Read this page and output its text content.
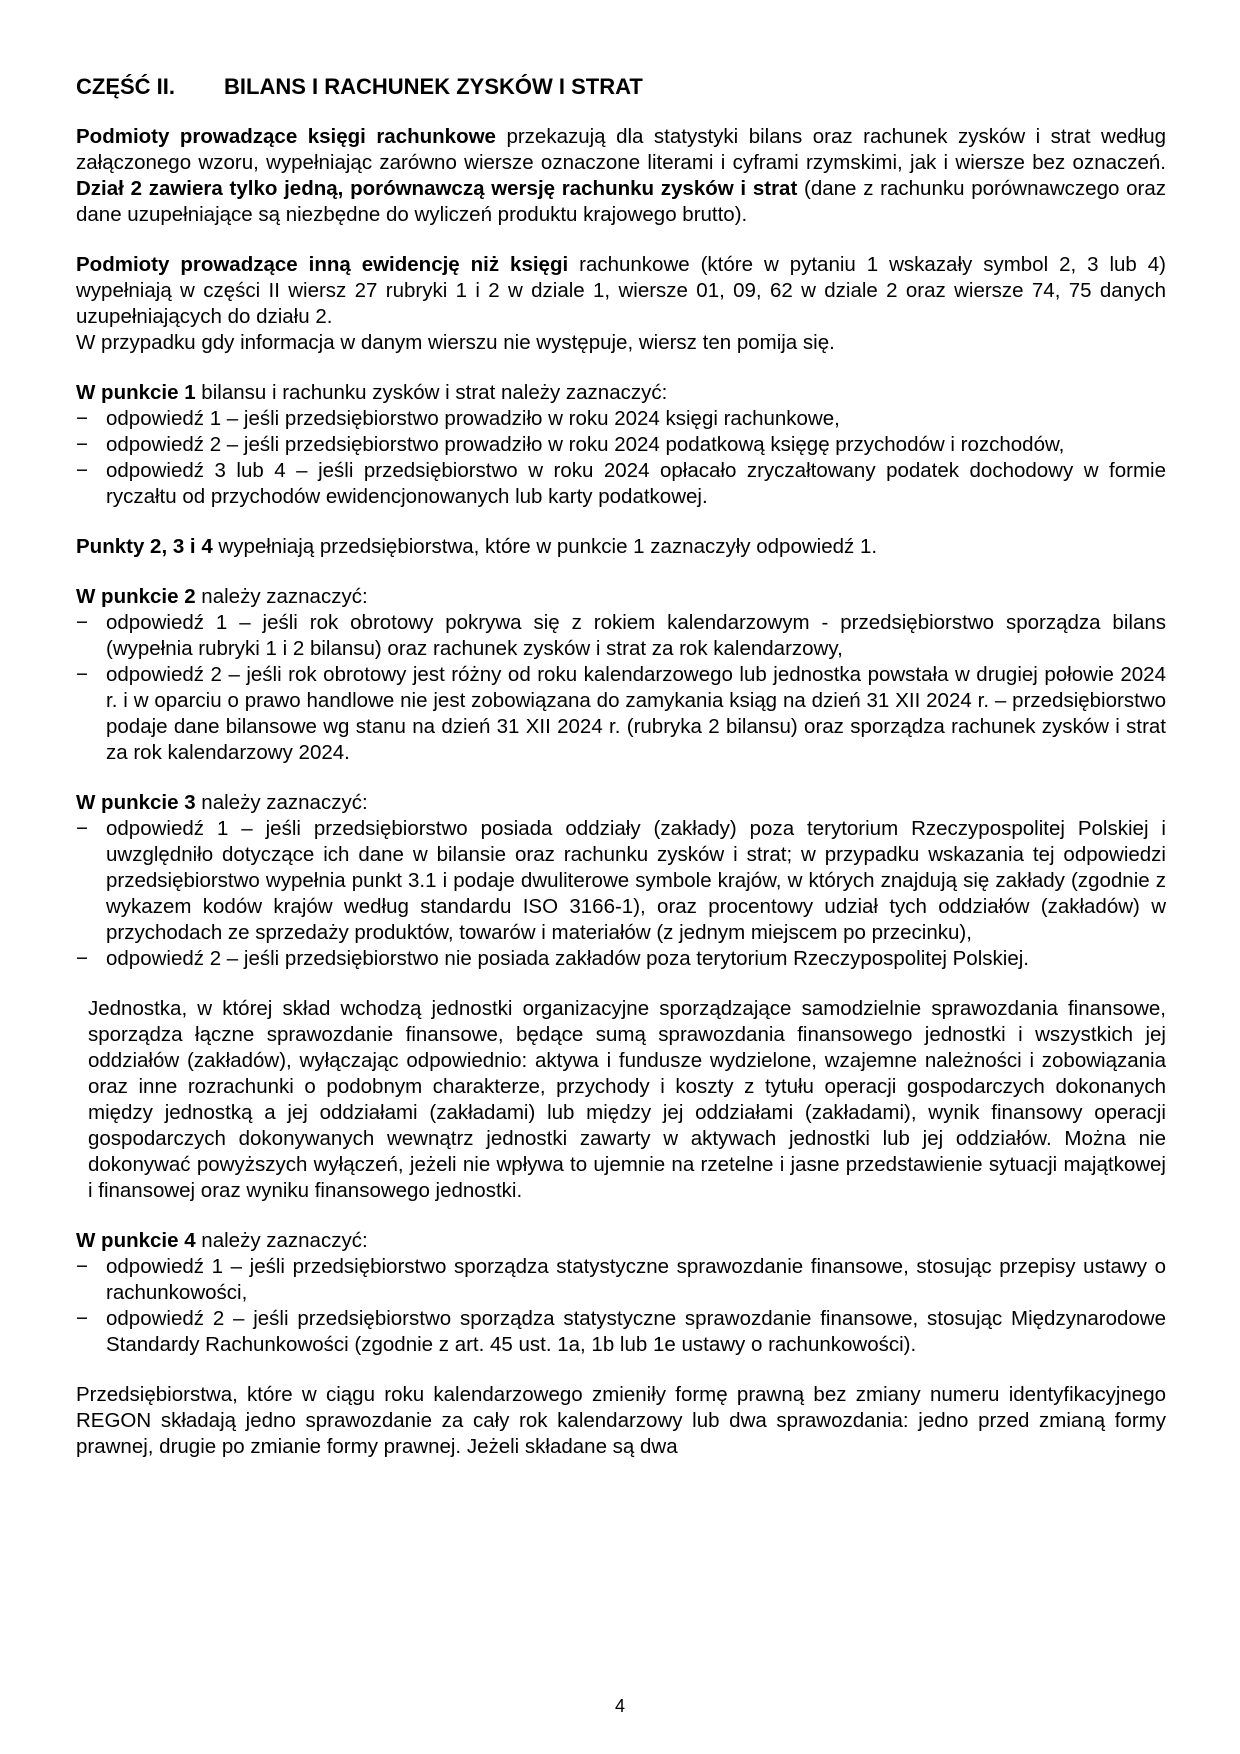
CZĘŚĆ II.	BILANS I RACHUNEK ZYSKÓW I STRAT

Podmioty prowadzące księgi rachunkowe przekazują dla statystyki bilans oraz rachunek zysków i strat według załączonego wzoru, wypełniając zarówno wiersze oznaczone literami i cyframi rzymskimi, jak i wiersze bez oznaczeń. Dział 2 zawiera tylko jedną, porównawczą wersję rachunku zysków i strat (dane z rachunku porównawczego oraz dane uzupełniające są niezbędne do wyliczeń produktu krajowego brutto).

Podmioty prowadzące inną ewidencję niż księgi rachunkowe (które w pytaniu 1 wskazały symbol 2, 3 lub 4) wypełniają w części II wiersz 27 rubryki 1 i 2 w dziale 1, wiersze 01, 09, 62 w dziale 2 oraz wiersze 74, 75 danych uzupełniających do działu 2.

W przypadku gdy informacja w danym wierszu nie występuje, wiersz ten pomija się.

W punkcie 1 bilansu i rachunku zysków i strat należy zaznaczyć:

− odpowiedź 1 – jeśli przedsiębiorstwo prowadziło w roku 2024 księgi rachunkowe,
− odpowiedź 2 – jeśli przedsiębiorstwo prowadziło w roku 2024 podatkową księgę przychodów i rozchodów,
− odpowiedź 3 lub 4 – jeśli przedsiębiorstwo w roku 2024 opłacało zryczałtowany podatek dochodowy w formie ryczałtu od przychodów ewidencjonowanych lub karty podatkowej.

Punkty 2, 3 i 4 wypełniają przedsiębiorstwa, które w punkcie 1 zaznaczyły odpowiedź 1.

W punkcie 2 należy zaznaczyć:

− odpowiedź 1 – jeśli rok obrotowy pokrywa się z rokiem kalendarzowym - przedsiębiorstwo sporządza bilans (wypełnia rubryki 1 i 2 bilansu) oraz rachunek zysków i strat za rok kalendarzowy,
− odpowiedź 2 – jeśli rok obrotowy jest różny od roku kalendarzowego lub jednostka powstała w drugiej połowie 2024 r. i w oparciu o prawo handlowe nie jest zobowiązana do zamykania ksiąg na dzień 31 XII 2024 r. – przedsiębiorstwo podaje dane bilansowe wg stanu na dzień 31 XII 2024 r. (rubryka 2 bilansu) oraz sporządza rachunek zysków i strat za rok kalendarzowy 2024.

W punkcie 3 należy zaznaczyć:

− odpowiedź 1 – jeśli przedsiębiorstwo posiada oddziały (zakłady) poza terytorium Rzeczypospolitej Polskiej i uwzględniło dotyczące ich dane w bilansie oraz rachunku zysków i strat; w przypadku wskazania tej odpowiedzi przedsiębiorstwo wypełnia punkt 3.1 i podaje dwuliterowe symbole krajów, w których znajdują się zakłady (zgodnie z wykazem kodów krajów według standardu ISO 3166-1), oraz procentowy udział tych oddziałów (zakładów) w przychodach ze sprzedaży produktów, towarów i materiałów (z jednym miejscem po przecinku),
− odpowiedź 2 – jeśli przedsiębiorstwo nie posiada zakładów poza terytorium Rzeczypospolitej Polskiej.

Jednostka, w której skład wchodzą jednostki organizacyjne sporządzające samodzielnie sprawozdania finansowe, sporządza łączne sprawozdanie finansowe, będące sumą sprawozdania finansowego jednostki i wszystkich jej oddziałów (zakładów), wyłączając odpowiednio: aktywa i fundusze wydzielone, wzajemne należności i zobowiązania oraz inne rozrachunki o podobnym charakterze, przychody i koszty z tytułu operacji gospodarczych dokonanych między jednostką a jej oddziałami (zakładami) lub między jej oddziałami (zakładami), wynik finansowy operacji gospodarczych dokonywanych wewnątrz jednostki zawarty w aktywach jednostki lub jej oddziałów. Można nie dokonywać powyższych wyłączeń, jeżeli nie wpływa to ujemnie na rzetelne i jasne przedstawienie sytuacji majątkowej i finansowej oraz wyniku finansowego jednostki.

W punkcie 4 należy zaznaczyć:

− odpowiedź 1 – jeśli przedsiębiorstwo sporządza statystyczne sprawozdanie finansowe, stosując przepisy ustawy o rachunkowości,
− odpowiedź 2 – jeśli przedsiębiorstwo sporządza statystyczne sprawozdanie finansowe, stosując Międzynarodowe Standardy Rachunkowości (zgodnie z art. 45 ust. 1a, 1b lub 1e ustawy o rachunkowości).

Przedsiębiorstwa, które w ciągu roku kalendarzowego zmieniły formę prawną bez zmiany numeru identyfikacyjnego REGON składają jedno sprawozdanie za cały rok kalendarzowy lub dwa sprawozdania: jedno przed zmianą formy prawnej, drugie po zmianie formy prawnej. Jeżeli składane są dwa

4
